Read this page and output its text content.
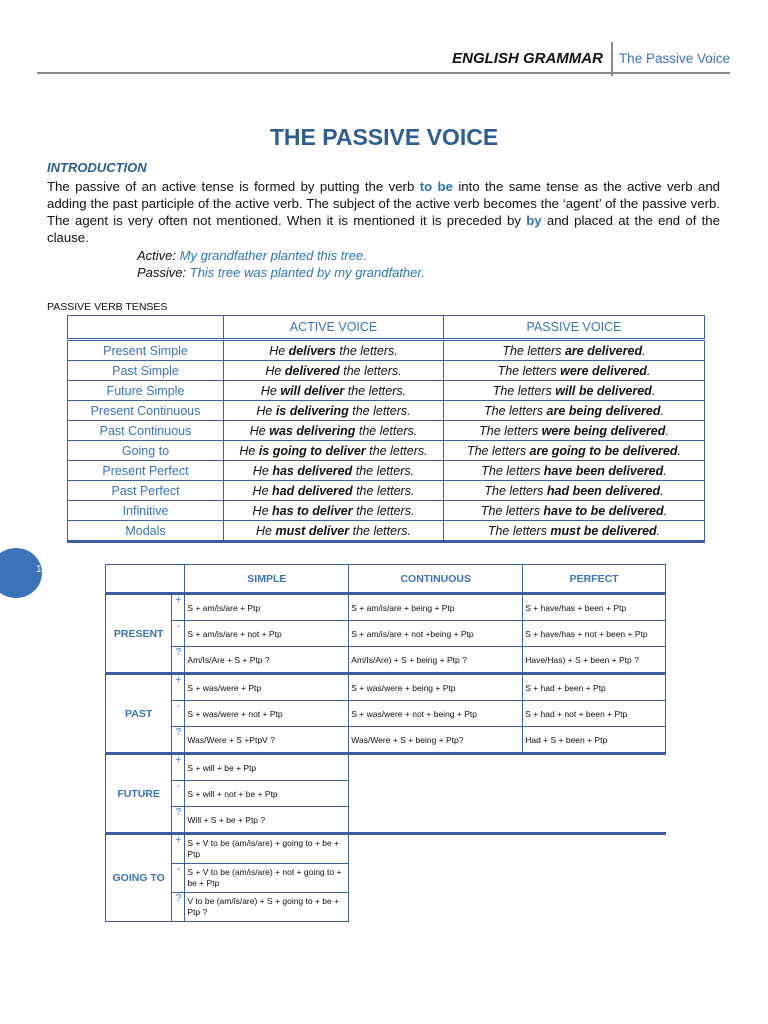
ENGLISH GRAMMAR	The Passive Voice
THE PASSIVE VOICE
INTRODUCTION
The passive of an active tense is formed by putting the verb to be into the same tense as the active verb and adding the past participle of the active verb. The subject of the active verb becomes the ‘agent’ of the passive verb. The agent is very often not mentioned. When it is mentioned it is preceded by by and placed at the end of the clause.
Active: My grandfather planted this tree.
Passive: This tree was planted by my grandfather.
PASSIVE VERB TENSES
	ACTIVE VOICE	PASSIVE VOICE
Present Simple	He delivers the letters.	The letters are delivered.
Past Simple	He delivered the letters.	The letters were delivered.
Future Simple	He will deliver the letters.	The letters will be delivered.
Present Continuous	He is delivering the letters.	The letters are being delivered.
Past Continuous	He was delivering the letters.	The letters were being delivered.
Going to	He is going to deliver the letters.	The letters are going to be delivered.
Present Perfect	He has delivered the letters.	The letters have been delivered.
Past Perfect	He had delivered the letters.	The letters had been delivered.
Infinitive	He has to deliver the letters.	The letters have to be delivered.
Modals	He must deliver the letters.	The letters must be delivered.
1
		SIMPLE	CONTINUOUS	PERFECT
PRESENT	+	S + am/is/are + Ptp	S + am/is/are + being + Ptp	S + have/has + been + Ptp
	-	S + am/is/are + not + Ptp	S + am/is/are + not +being + Ptp	S + have/has + not + been + Ptp
	?	Am/Is/Are + S + Ptp ?	Am/Is/Are) + S + being + Ptp ?	Have/Has) + S + been + Ptp ?
PAST	+	S + was/were + Ptp	S + was/were + being + Ptp	S + had + been + Ptp
	-	S + was/were + not + Ptp	S + was/were + not + being + Ptp	S + had + not + been + Ptp
	?	Was/Were + S +PtpV ?	Was/Were + S + being + Ptp?	Had + S + been + Ptp
FUTURE	+	S + will + be + Ptp		
	-	S + will + not + be + Ptp		
	?	Will + S + be + Ptp ?		
GOING TO	+	S + V to be (am/is/are) + going to + be + Ptp		
	-	S + V to be (am/is/are) + not + going to + be + Ptp		
	?	V to be (am/is/are) + S + going to + be + Ptp ?		
